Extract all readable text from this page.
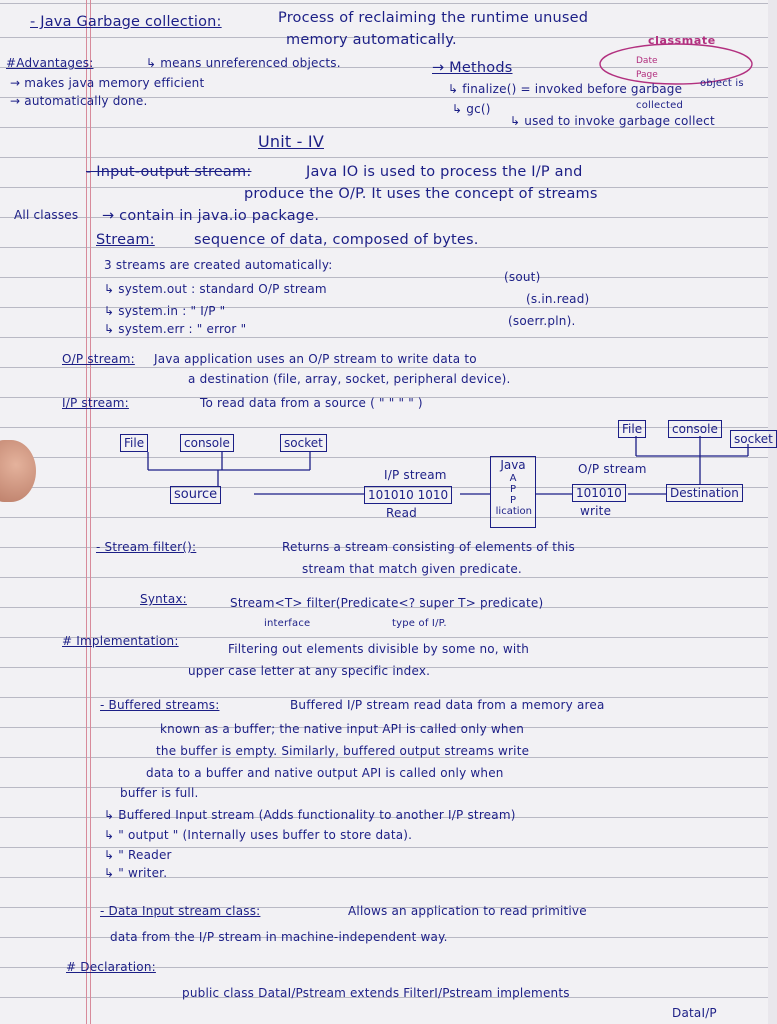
classmate
Date
Page
object is
- Java Garbage collection:	Process of reclaiming the runtime unused
memory automatically.
#Advantages:	↳ means unreferenced objects.	→ Methods
→ makes java memory efficient	↳ finalize() = invoked before garbage
→ automatically done.
↳ gc()	collected
↳ used to invoke garbage collect
Unit - IV
- Input-output stream:	Java IO is used to process the I/P and
produce the O/P. It uses the concept of streams
All classes → contain in java.io package.
Stream:	sequence of data, composed of bytes.
3 streams are created automatically:
↳ system.out : standard O/P stream
(sout)
↳ system.in : " I/P "
(s.in.read)
↳ system.err : " error "
(soerr.pln).
O/P stream: Java application uses an O/P stream to write data to
a destination (file, array, socket, peripheral device).
I/P stream:	To read data from a source ( " " " " )
File	console	socket
source
I/P stream
101010 1010
Read
Java
A
P
P
lication
O/P stream
101010
write
Destination
File	console
socket
- Stream filter():	Returns a stream consisting of elements of this
stream that match given predicate.
Syntax:	Stream<T> filter(Predicate<? super T> predicate)
interface	type of I/P.
# Implementation:
Filtering out elements divisible by some no, with
upper case letter at any specific index.
- Buffered streams:	Buffered I/P stream read data from a memory area
known as a buffer; the native input API is called only when
the buffer is empty. Similarly, buffered output streams write
data to a buffer and native output API is called only when
buffer is full.
↳ Buffered Input stream (Adds functionality to another I/P stream)
↳ " output " (Internally uses buffer to store data).
↳ " Reader
↳ " writer.
- Data Input stream class:	Allows an application to read primitive
data from the I/P stream in machine-independent way.
# Declaration:
public class DataI/Pstream extends FilterI/Pstream implements
DataI/P
